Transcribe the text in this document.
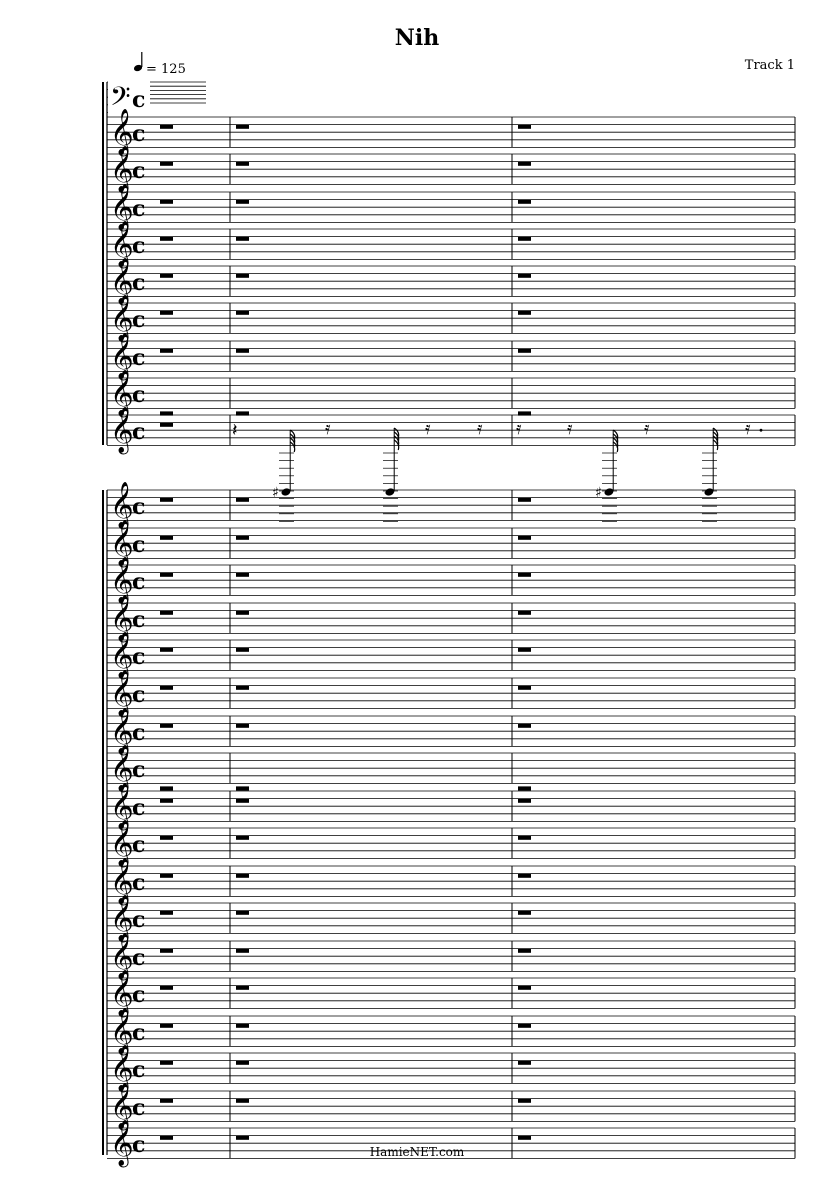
Nih
Track 1
= 125
𝄢 c
𝄞
c
𝄞
c
𝄞
c
𝄞
c
𝄞
c
𝄞
c
𝄞
c
𝄞
c
𝄞
c	𝄽	𝄿	𝄿	𝄿 𝄿	𝄿	𝄿	𝄿
♯	♯
𝄞
c
𝄞
c
𝄞
c
𝄞
c
𝄞
c
𝄞
c
𝄞
c
𝄞
c
𝄞
c
𝄞
c
𝄞
c
𝄞
c
𝄞
c
𝄞
c
𝄞
c
𝄞
c
𝄞
c
𝄞
c	HamieNET.com
